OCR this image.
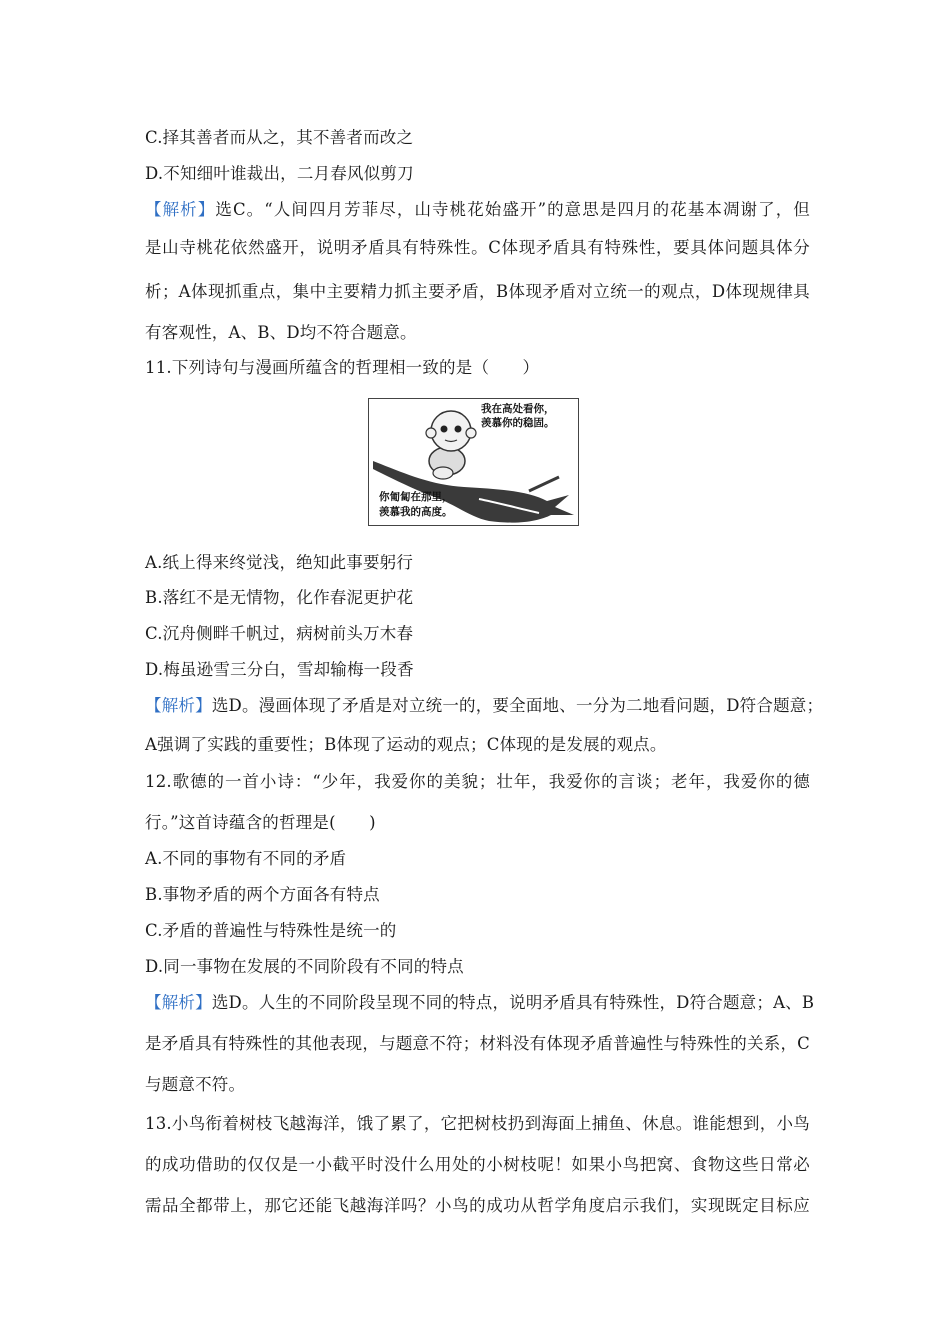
C.择其善者而从之，其不善者而改之
D.不知细叶谁裁出，二月春风似剪刀
【解析】选C。“人间四月芳菲尽，山寺桃花始盛开”的意思是四月的花基本凋谢了，但
是山寺桃花依然盛开，说明矛盾具有特殊性。C体现矛盾具有特殊性，要具体问题具体分
析；A体现抓重点，集中主要精力抓主要矛盾，B体现矛盾对立统一的观点，D体现规律具
有客观性，A、B、D均不符合题意。
11.下列诗句与漫画所蕴含的哲理相一致的是（　　）
我在高处看你，
羡慕你的稳固。
你匍匐在那里，
羡慕我的高度。
A.纸上得来终觉浅，绝知此事要躬行
B.落红不是无情物，化作春泥更护花
C.沉舟侧畔千帆过，病树前头万木春
D.梅虽逊雪三分白，雪却输梅一段香
【解析】选D。漫画体现了矛盾是对立统一的，要全面地、一分为二地看问题，D符合题意；
A强调了实践的重要性；B体现了运动的观点；C体现的是发展的观点。
12.歌德的一首小诗：“少年，我爱你的美貌；壮年，我爱你的言谈；老年，我爱你的德
行。”这首诗蕴含的哲理是(　　)
A.不同的事物有不同的矛盾
B.事物矛盾的两个方面各有特点
C.矛盾的普遍性与特殊性是统一的
D.同一事物在发展的不同阶段有不同的特点
【解析】选D。人生的不同阶段呈现不同的特点，说明矛盾具有特殊性，D符合题意；A、B
是矛盾具有特殊性的其他表现，与题意不符；材料没有体现矛盾普遍性与特殊性的关系，C
与题意不符。
13.小鸟衔着树枝飞越海洋，饿了累了，它把树枝扔到海面上捕鱼、休息。谁能想到，小鸟
的成功借助的仅仅是一小截平时没什么用处的小树枝呢！如果小鸟把窝、食物这些日常必
需品全都带上，那它还能飞越海洋吗？小鸟的成功从哲学角度启示我们，实现既定目标应
